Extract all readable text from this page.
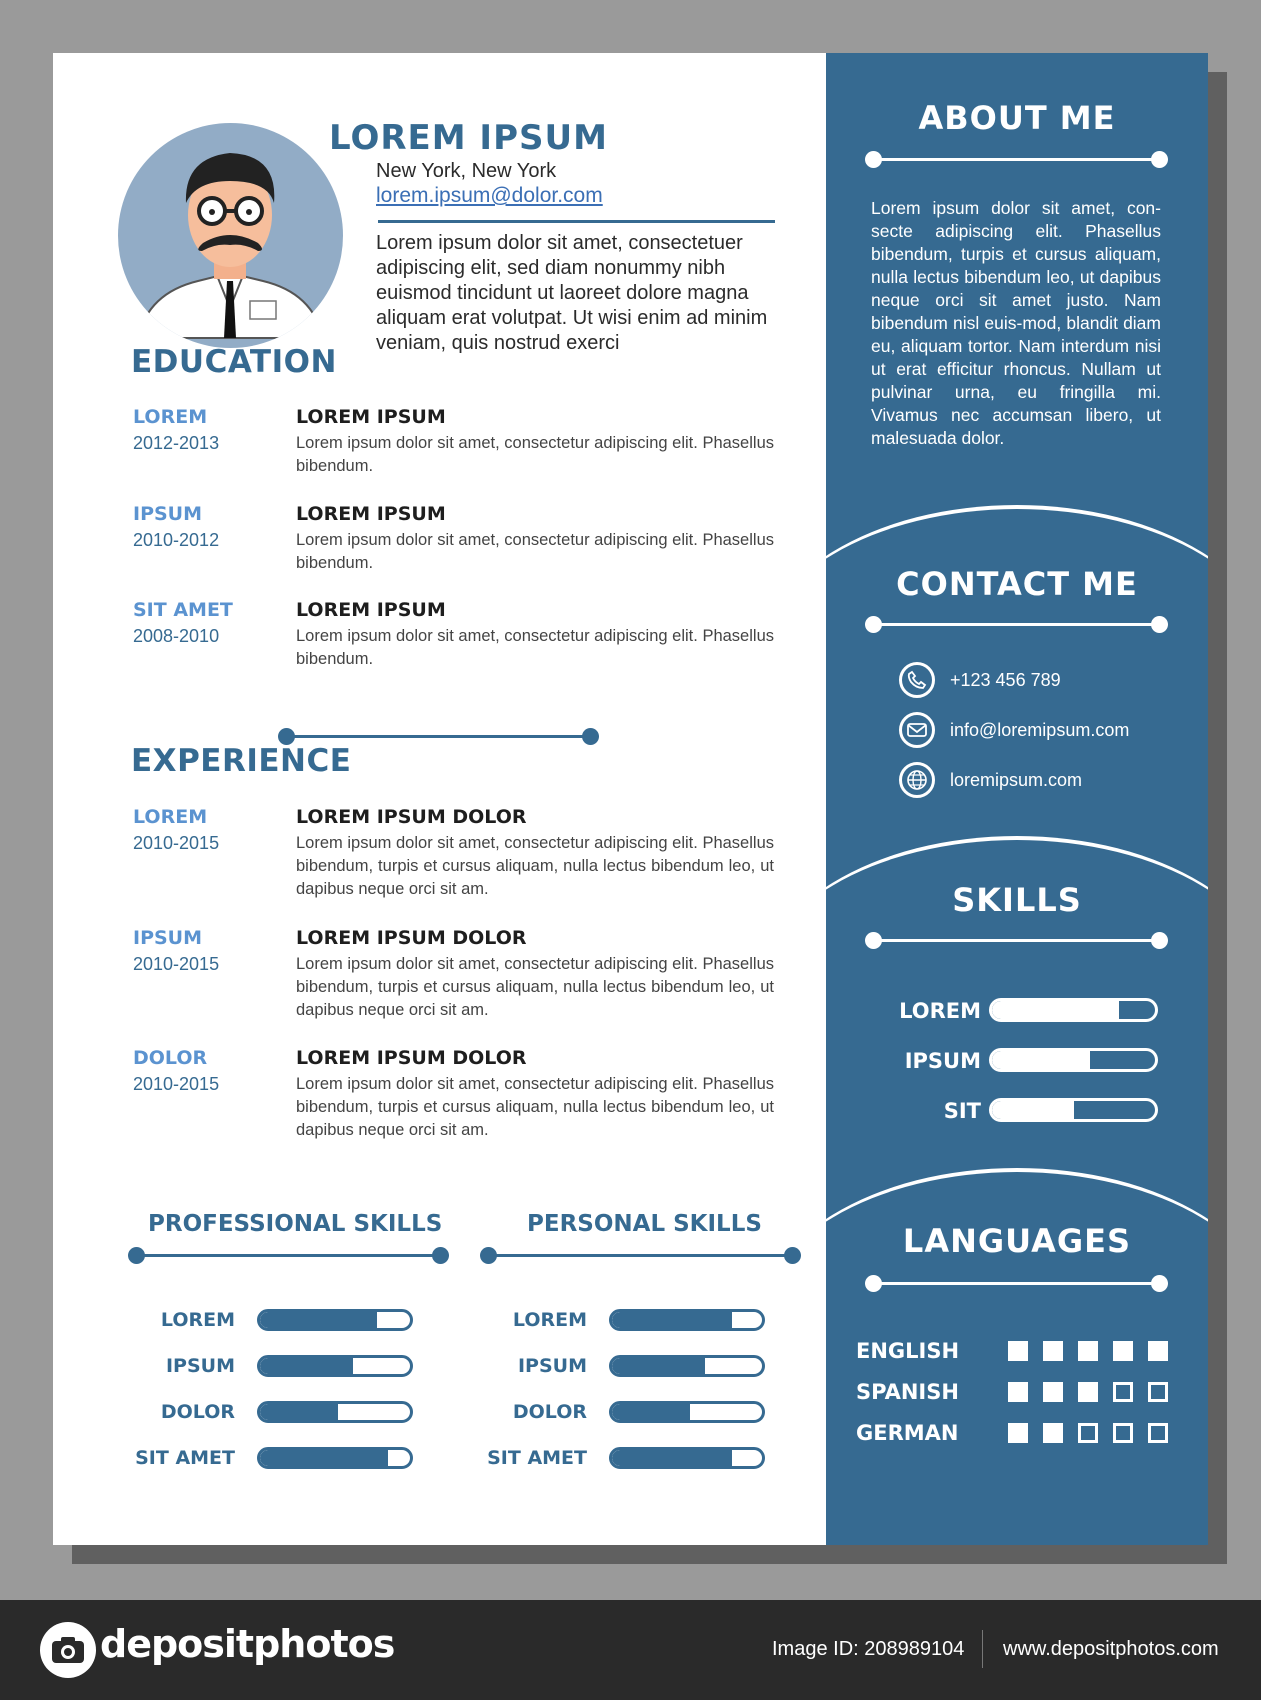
LOREM IPSUM
New York, New York
lorem.ipsum@dolor.com
Lorem ipsum dolor sit amet, consectetuer adipiscing elit, sed diam nonummy nibh euismod tincidunt ut laoreet dolore magna aliquam erat volutpat. Ut wisi enim ad minim veniam, quis nostrud exerci
EDUCATION
LOREM
2012-2013
LOREM IPSUM
Lorem ipsum dolor sit amet, consectetur adipiscing elit. Phasellus bibendum.
IPSUM
2010-2012
LOREM IPSUM
Lorem ipsum dolor sit amet, consectetur adipiscing elit. Phasellus bibendum.
SIT AMET
2008-2010
LOREM IPSUM
Lorem ipsum dolor sit amet, consectetur adipiscing elit. Phasellus bibendum.
EXPERIENCE
LOREM
2010-2015
LOREM IPSUM DOLOR
Lorem ipsum dolor sit amet, consectetur adipiscing elit. Phasellus bibendum, turpis et cursus aliquam, nulla lectus bibendum leo, ut dapibus neque orci sit am.
IPSUM
2010-2015
LOREM IPSUM DOLOR
Lorem ipsum dolor sit amet, consectetur adipiscing elit. Phasellus bibendum, turpis et cursus aliquam, nulla lectus bibendum leo, ut dapibus neque orci sit am.
DOLOR
2010-2015
LOREM IPSUM DOLOR
Lorem ipsum dolor sit amet, consectetur adipiscing elit. Phasellus bibendum, turpis et cursus aliquam, nulla lectus bibendum leo, ut dapibus neque orci sit am.
PROFESSIONAL SKILLS
LOREM
IPSUM
DOLOR
SIT AMET
PERSONAL SKILLS
LOREM
IPSUM
DOLOR
SIT AMET
ABOUT ME
Lorem ipsum dolor sit amet, con-secte adipiscing elit. Phasellus bibendum, turpis et cursus aliquam, nulla lectus bibendum leo, ut dapibus neque orci sit amet justo. Nam bibendum nisl euis-mod, blandit diam eu, aliquam tortor. Nam interdum nisi ut erat efficitur rhoncus. Nullam ut pulvinar urna, eu fringilla mi. Vivamus nec accumsan libero, ut malesuada dolor.
CONTACT ME
+123 456 789
info@loremipsum.com
loremipsum.com
SKILLS
LOREM
IPSUM
SIT
LANGUAGES
ENGLISH
SPANISH
GERMAN
depositphotos	Image ID: 208989104 www.depositphotos.com
